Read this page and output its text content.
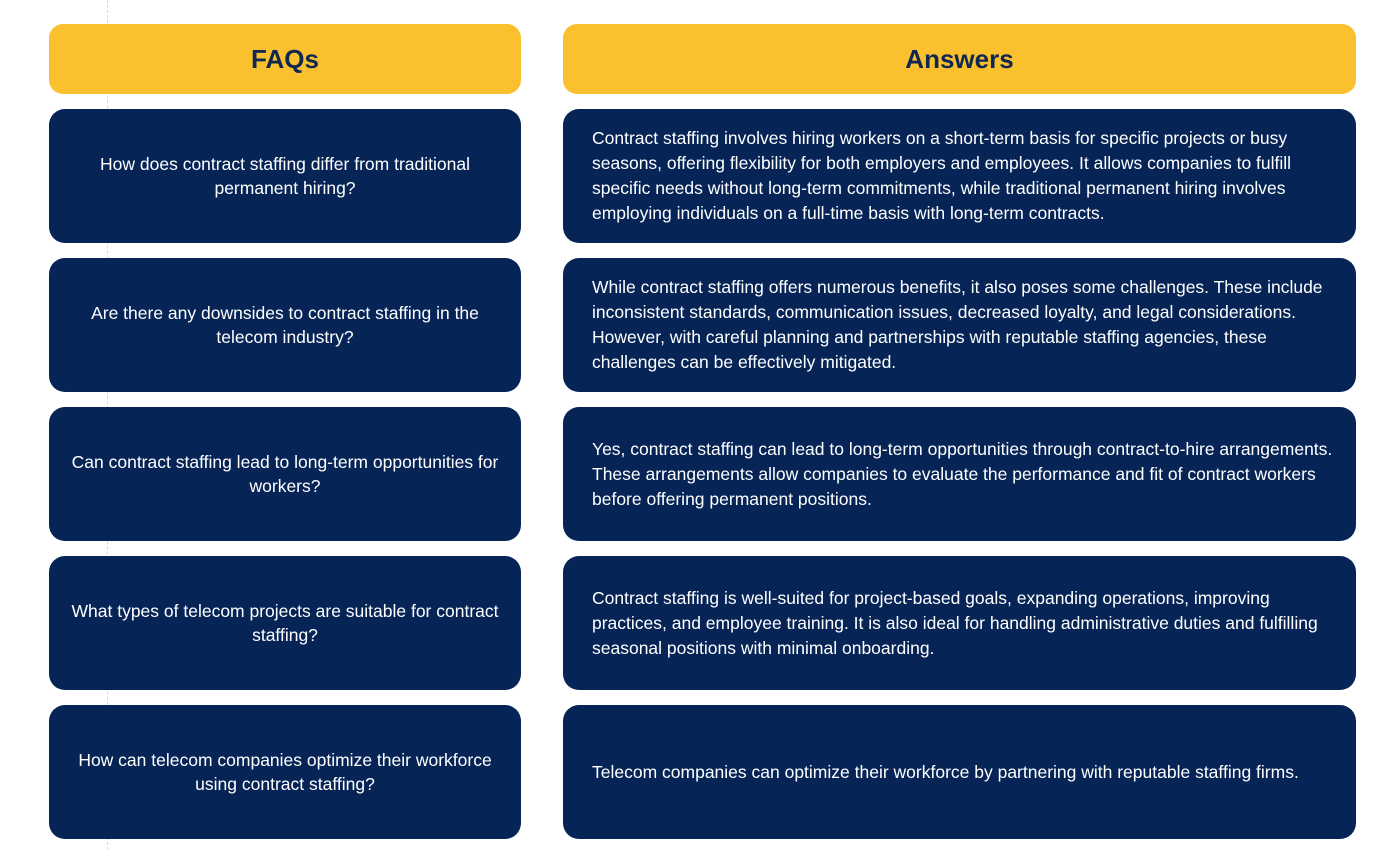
FAQs
How does contract staffing differ from traditional permanent hiring?
Are there any downsides to contract staffing in the telecom industry?
Can contract staffing lead to long-term opportunities for workers?
What types of telecom projects are suitable for contract staffing?
How can telecom companies optimize their workforce using contract staffing?
Answers
Contract staffing involves hiring workers on a short-term basis for specific projects or busy seasons, offering flexibility for both employers and employees. It allows companies to fulfill specific needs without long-term commitments, while traditional permanent hiring involves employing individuals on a full-time basis with long-term contracts.
While contract staffing offers numerous benefits, it also poses some challenges. These include inconsistent standards, communication issues, decreased loyalty, and legal considerations. However, with careful planning and partnerships with reputable staffing agencies, these challenges can be effectively mitigated.
Yes, contract staffing can lead to long-term opportunities through contract-to-hire arrangements. These arrangements allow companies to evaluate the performance and fit of contract workers before offering permanent positions.
Contract staffing is well-suited for project-based goals, expanding operations, improving practices, and employee training. It is also ideal for handling administrative duties and fulfilling seasonal positions with minimal onboarding.
Telecom companies can optimize their workforce by partnering with reputable staffing firms.
